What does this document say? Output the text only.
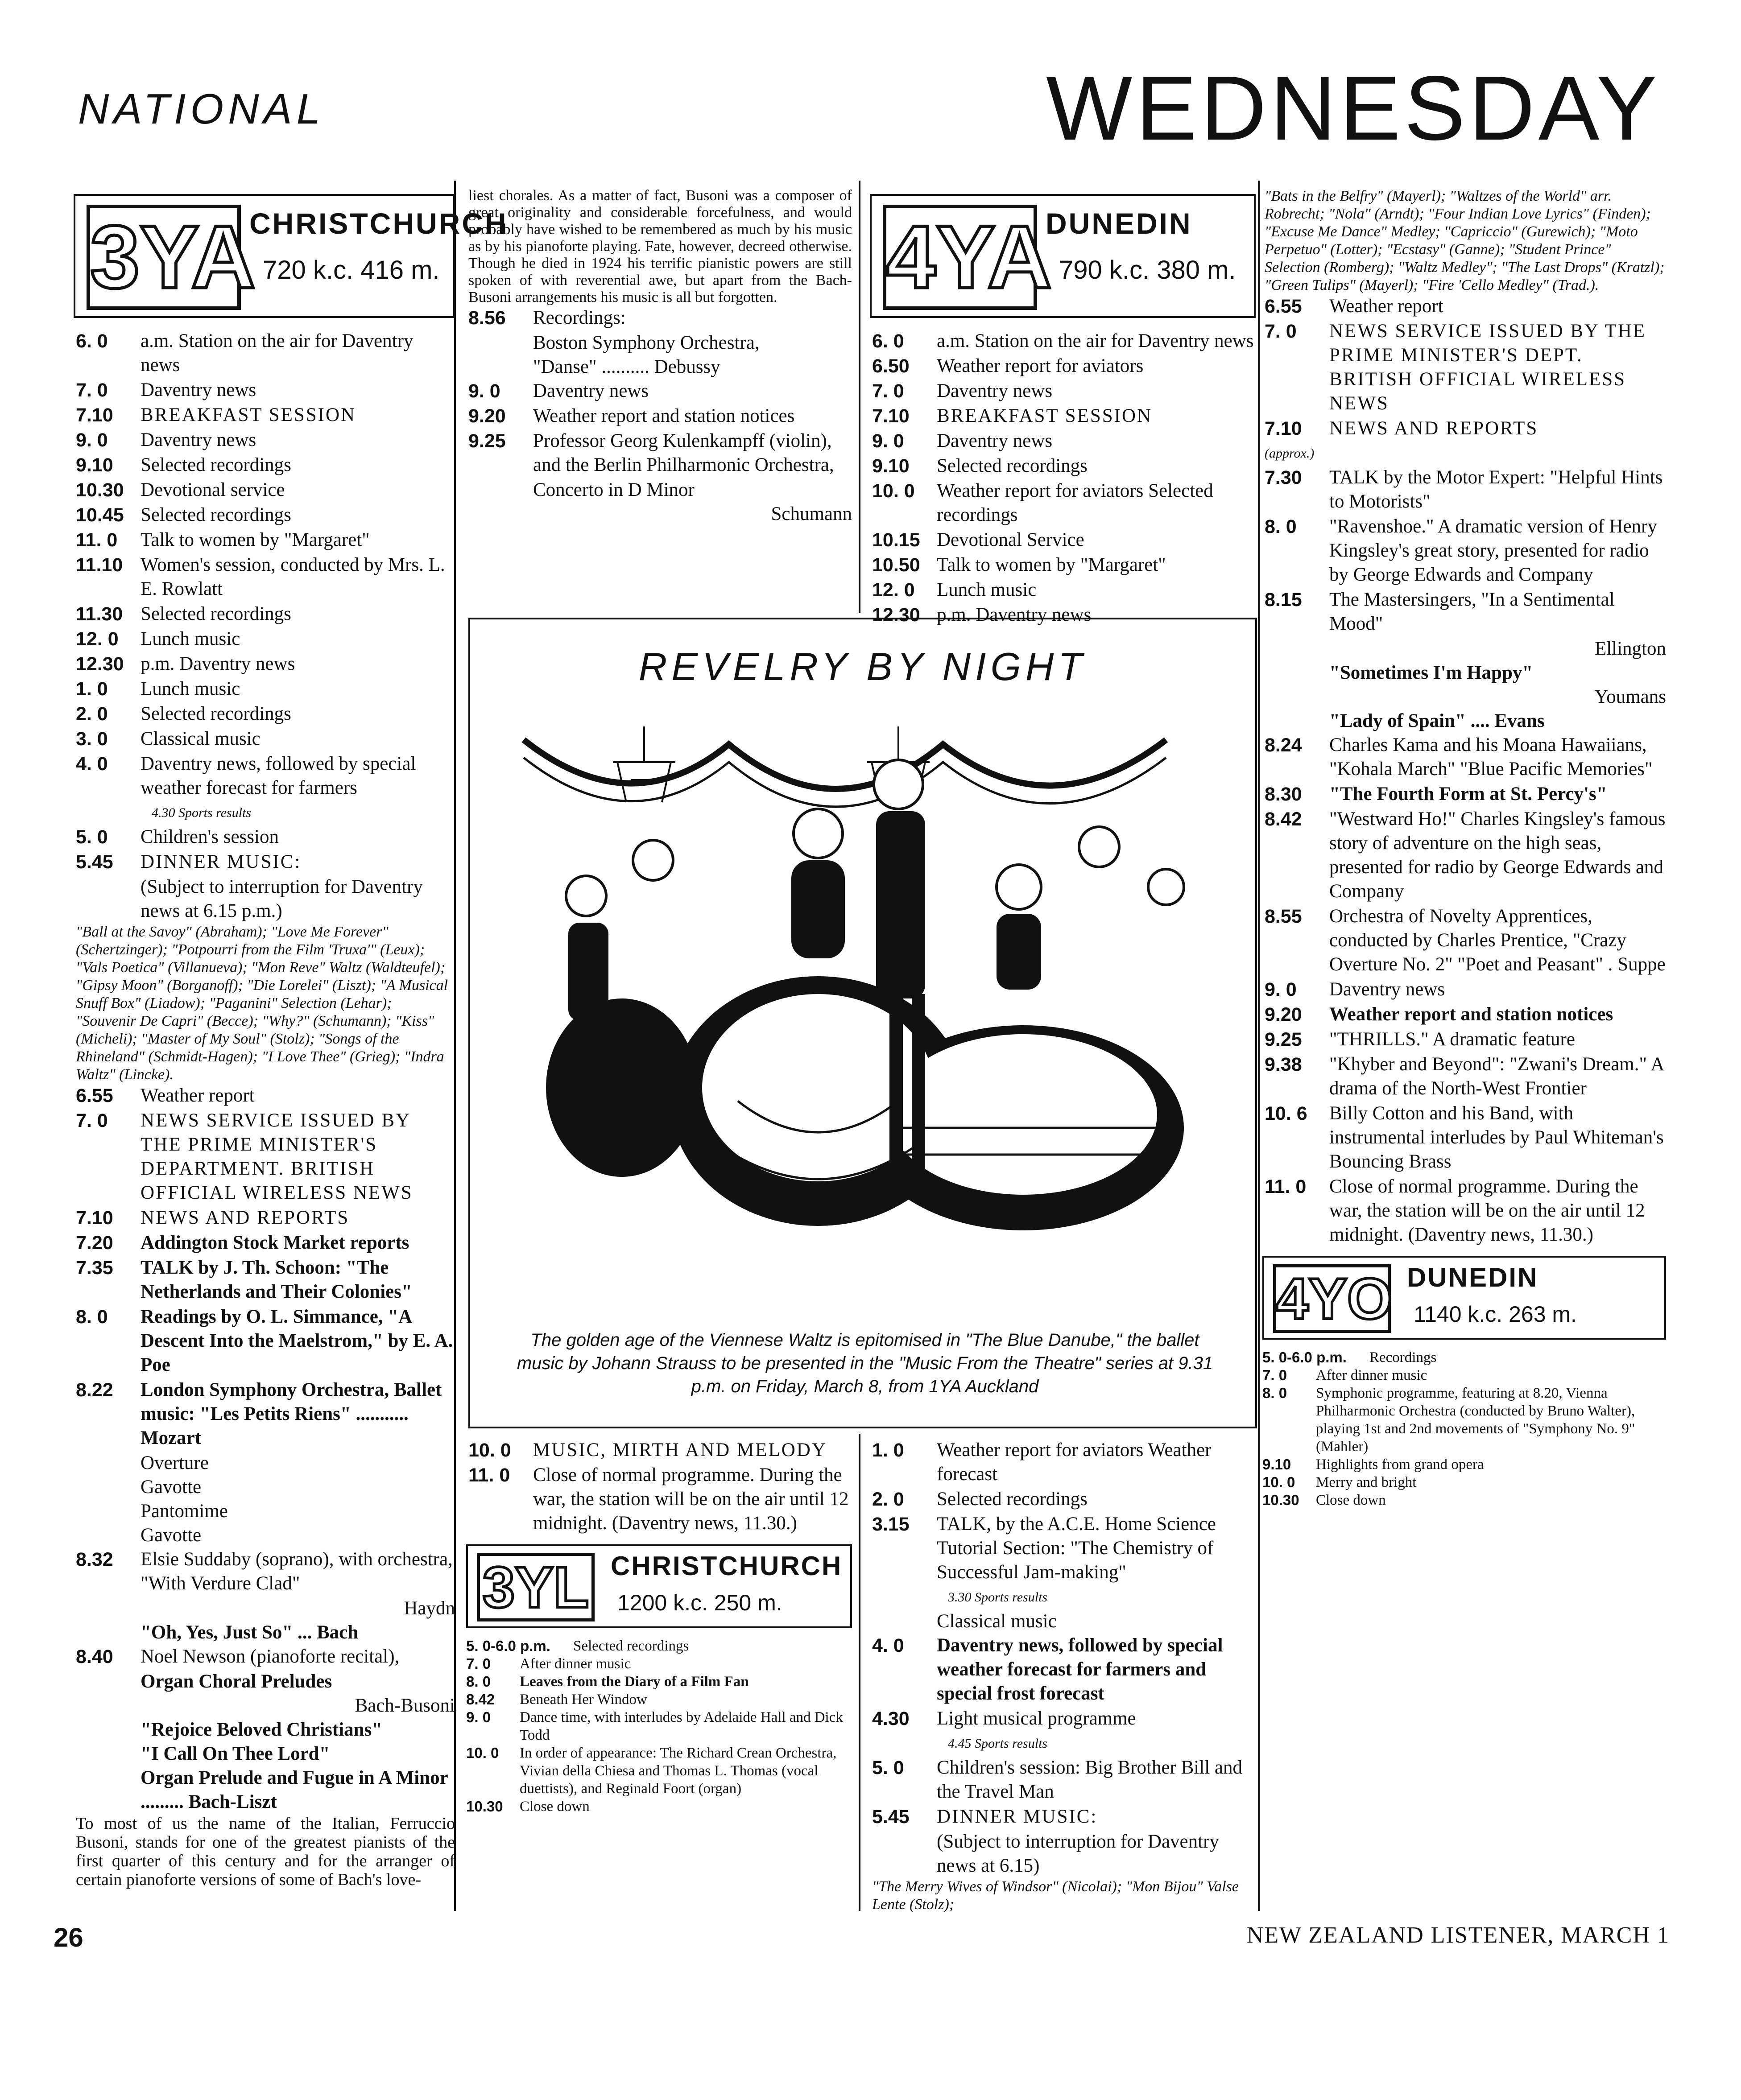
NATIONAL	WEDNESDAY
3YA
CHRISTCHURCH
720 k.c. 416 m.
6. 0	a.m. Station on the air for Daventry news
7. 0	Daventry news
7.10	BREAKFAST SESSION
9. 0	Daventry news
9.10	Selected recordings
10.30 Devotional service
10.45 Selected recordings
11. 0	Talk to women by "Margaret"
11.10 Women's session, conducted by Mrs. L. E. Rowlatt
11.30 Selected recordings
12. 0	Lunch music
12.30 p.m. Daventry news
1. 0	Lunch music
2. 0	Selected recordings
3. 0	Classical music
4. 0	Daventry news, followed by special weather forecast for farmers
4.30 Sports results
5. 0	Children's session
5.45	DINNER MUSIC:
(Subject to interruption for Daventry news at 6.15 p.m.)
"Ball at the Savoy" (Abraham); "Love Me Forever" (Schertzinger); "Potpourri from the Film 'Truxa'" (Leux); "Vals Poetica" (Villanueva); "Mon Reve" Waltz (Waldteufel); "Gipsy Moon" (Borganoff); "Die Lorelei" (Liszt); "A Musical Snuff Box" (Liadow); "Paganini" Selection (Lehar); "Souvenir De Capri" (Becce); "Why?" (Schumann); "Kiss" (Micheli); "Master of My Soul" (Stolz); "Songs of the Rhineland" (Schmidt-Hagen); "I Love Thee" (Grieg); "Indra Waltz" (Lincke).
6.55	Weather report
7. 0	NEWS SERVICE ISSUED BY THE PRIME MINISTER'S DEPARTMENT. BRITISH OFFICIAL WIRELESS NEWS
7.10	NEWS AND REPORTS
7.20	Addington Stock Market reports
7.35	TALK by J. Th. Schoon: "The Netherlands and Their Colonies"
8. 0	Readings by O. L. Simmance, "A Descent Into the Maelstrom," by E. A. Poe
8.22	London Symphony Orchestra, Ballet music: "Les Petits Riens" ........... Mozart
Overture
Gavotte
Pantomime
Gavotte
8.32	Elsie Suddaby (soprano), with orchestra, "With Verdure Clad"
Haydn
"Oh, Yes, Just So" ... Bach
8.40	Noel Newson (pianoforte recital),
Organ Choral Preludes
Bach-Busoni
"Rejoice Beloved Christians"
"I Call On Thee Lord"
Organ Prelude and Fugue in A Minor ......... Bach-Liszt
To most of us the name of the Italian, Ferruccio Busoni, stands for one of the greatest pianists of the first quarter of this century and for the arranger of certain pianoforte versions of some of Bach's love-
liest chorales. As a matter of fact, Busoni was a composer of great originality and considerable forcefulness, and would probably have wished to be remembered as much by his music as by his pianoforte playing. Fate, however, decreed otherwise. Though he died in 1924 his terrific pianistic powers are still spoken of with reverential awe, but apart from the Bach-Busoni arrangements his music is all but forgotten.
8.56	Recordings:
Boston Symphony Orchestra,
"Danse" .......... Debussy
9. 0	Daventry news
9.20	Weather report and station notices
9.25	Professor Georg Kulenkampff (violin), and the Berlin Philharmonic Orchestra,
Concerto in D Minor
Schumann
4YA
DUNEDIN
790 k.c. 380 m.
6. 0	a.m. Station on the air for Daventry news
6.50	Weather report for aviators
7. 0	Daventry news
7.10	BREAKFAST SESSION
9. 0	Daventry news
9.10	Selected recordings
10. 0	Weather report for aviators Selected recordings
10.15 Devotional Service
10.50 Talk to women by "Margaret"
12. 0	Lunch music
12.30 p.m. Daventry news
REVELRY BY NIGHT
The golden age of the Viennese Waltz is epitomised in "The Blue Danube," the ballet music by Johann Strauss to be presented in the "Music From the Theatre" series at 9.31 p.m. on Friday, March 8, from 1YA Auckland
10. 0	MUSIC, MIRTH AND MELODY
11. 0	Close of normal programme. During the war, the station will be on the air until 12 midnight. (Daventry news, 11.30.)
3YL CHRISTCHURCH
1200 k.c. 250 m.
5. 0-6.0 p.m.	Selected recordings
7. 0	After dinner music
8. 0	Leaves from the Diary of a Film Fan
8.42	Beneath Her Window
9. 0	Dance time, with interludes by Adelaide Hall and Dick Todd
10. 0	In order of appearance: The Richard Crean Orchestra, Vivian della Chiesa and Thomas L. Thomas (vocal duettists), and Reginald Foort (organ)
10.30	Close down
1. 0	Weather report for aviators Weather forecast
2. 0	Selected recordings
3.15	TALK, by the A.C.E. Home Science Tutorial Section: "The Chemistry of Successful Jam-making"
3.30 Sports results
Classical music
4. 0	Daventry news, followed by special weather forecast for farmers and special frost forecast
4.30	Light musical programme
4.45 Sports results
5. 0	Children's session: Big Brother Bill and the Travel Man
5.45	DINNER MUSIC:
(Subject to interruption for Daventry news at 6.15)
"The Merry Wives of Windsor" (Nicolai); "Mon Bijou" Valse Lente (Stolz);
"Bats in the Belfry" (Mayerl); "Waltzes of the World" arr. Robrecht; "Nola" (Arndt); "Four Indian Love Lyrics" (Finden); "Excuse Me Dance" Medley; "Capriccio" (Gurewich); "Moto Perpetuo" (Lotter); "Ecstasy" (Ganne); "Student Prince" Selection (Romberg); "Waltz Medley"; "The Last Drops" (Kratzl); "Green Tulips" (Mayerl); "Fire 'Cello Medley" (Trad.).
6.55	Weather report
7. 0	NEWS SERVICE ISSUED BY THE PRIME MINISTER'S DEPT. BRITISH OFFICIAL WIRELESS NEWS
7.10	NEWS AND REPORTS
(approx.)
7.30	TALK by the Motor Expert: "Helpful Hints to Motorists"
8. 0	"Ravenshoe." A dramatic version of Henry Kingsley's great story, presented for radio by George Edwards and Company
8.15	The Mastersingers, "In a Sentimental Mood"
Ellington
"Sometimes I'm Happy"
Youmans
"Lady of Spain" .... Evans
8.24	Charles Kama and his Moana Hawaiians, "Kohala March" "Blue Pacific Memories"
8.30	"The Fourth Form at St. Percy's"
8.42	"Westward Ho!" Charles Kingsley's famous story of adventure on the high seas, presented for radio by George Edwards and Company
8.55	Orchestra of Novelty Apprentices, conducted by Charles Prentice, "Crazy Overture No. 2" "Poet and Peasant" . Suppe
9. 0	Daventry news
9.20	Weather report and station notices
9.25	"THRILLS." A dramatic feature
9.38	"Khyber and Beyond": "Zwani's Dream." A drama of the North-West Frontier
10. 6	Billy Cotton and his Band, with instrumental interludes by Paul Whiteman's Bouncing Brass
11. 0	Close of normal programme. During the war, the station will be on the air until 12 midnight. (Daventry news, 11.30.)
4YO DUNEDIN
1140 k.c. 263 m.
5. 0-6.0 p.m.	Recordings
7. 0	After dinner music
8. 0	Symphonic programme, featuring at 8.20, Vienna Philharmonic Orchestra (conducted by Bruno Walter), playing 1st and 2nd movements of "Symphony No. 9" (Mahler)
9.10	Highlights from grand opera
10. 0	Merry and bright
10.30	Close down
26	NEW ZEALAND LISTENER, MARCH 1
